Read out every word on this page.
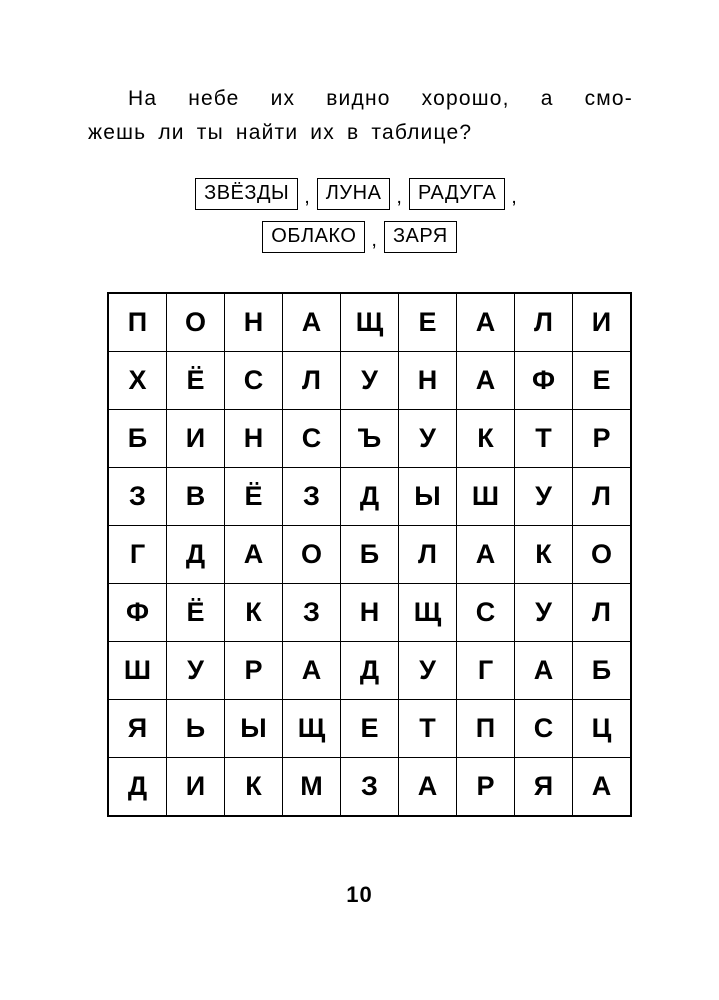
На небе их видно хорошо, а смо-
жешь ли ты найти их в таблице?
ЗВЁЗДЫ , ЛУНА , РАДУГА ,
ОБЛАКО , ЗАРЯ
П	О	Н	А	Щ	Е	А	Л	И
Х	Ё	С	Л	У	Н	А	Ф	Е
Б	И	Н	С	Ъ	У	К	Т	Р
З	В	Ё	З	Д	Ы	Ш	У	Л
Г	Д	А	О	Б	Л	А	К	О
Ф	Ё	К	З	Н	Щ	С	У	Л
Ш	У	Р	А	Д	У	Г	А	Б
Я	Ь	Ы	Щ	Е	Т	П	С	Ц
Д	И	К	М	З	А	Р	Я	А
10
